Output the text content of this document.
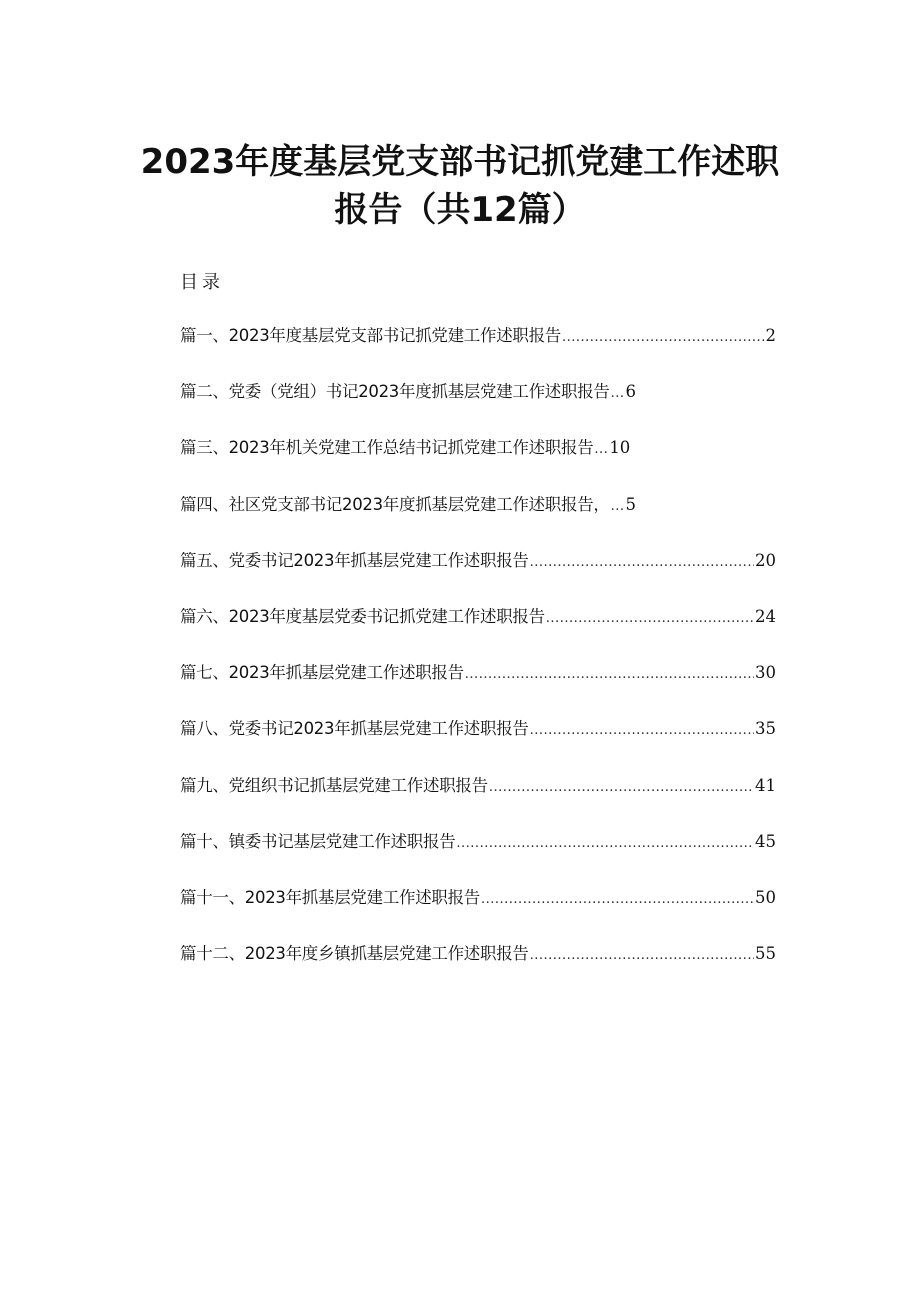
2023年度基层党支部书记抓党建工作述职
报告（共12篇）
目录
篇一、2023年度基层党支部书记抓党建工作述职报告 .....	2
篇二、党委（党组）书记2023年度抓基层党建工作述职报告 ... 6
篇三、2023年机关党建工作总结书记抓党建工作述职报告 ... 10
篇四、社区党支部书记2023年度抓基层党建工作述职报告， ... 5
篇五、党委书记2023年抓基层党建工作述职报告 .....	20
篇六、2023年度基层党委书记抓党建工作述职报告 .....	24
篇七、2023年抓基层党建工作述职报告 .....	30
篇八、党委书记2023年抓基层党建工作述职报告 .....	35
篇九、党组织书记抓基层党建工作述职报告 .....	41
篇十、镇委书记基层党建工作述职报告 .....	45
篇十一、2023年抓基层党建工作述职报告 .....	50
篇十二、2023年度乡镇抓基层党建工作述职报告 .....	55
